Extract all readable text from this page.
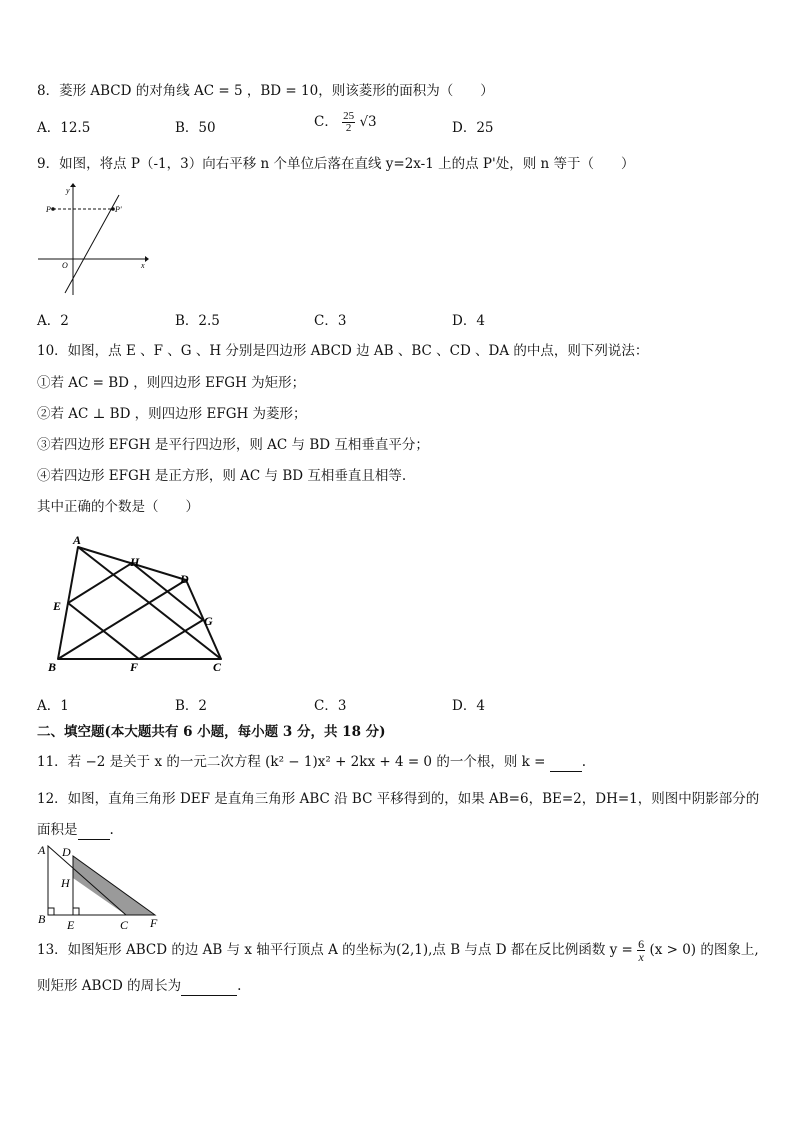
8．菱形 ABCD 的对角线 AC = 5 ，BD = 10，则该菱形的面积为（　　）
A．12.5	B．50	C． $\frac{25}{2} √3$	D．25
9．如图，将点 P（-1，3）向右平移 n 个单位后落在直线 y=2x-1 上的点 P'处，则 n 等于（　　）
y
x
O
P	P'
A．2	B．2.5	C．3	D．4
10．如图，点 E 、F 、G 、H 分别是四边形 ABCD 边 AB 、BC 、CD 、DA 的中点，则下列说法：
①若 AC = BD ，则四边形 EFGH 为矩形；
②若 AC ⊥ BD ，则四边形 EFGH 为菱形；
③若四边形 EFGH 是平行四边形，则 AC 与 BD 互相垂直平分；
④若四边形 EFGH 是正方形，则 AC 与 BD 互相垂直且相等.
其中正确的个数是（　　）
A
H
D
E
G
B	F	C
A．1	B．2	C．3	D．4
二、填空题(本大题共有 6 小题，每小题 3 分，共 18 分)
11．若 −2 是关于 x 的一元二次方程 (k² − 1)x² + 2kx + 4 = 0 的一个根，则 k =  .
12．如图，直角三角形 DEF 是直角三角形 ABC 沿 BC 平移得到的，如果 AB=6，BE=2，DH=1，则图中阴影部分的
面积是 .
A D
H
B E	C F
13．如图矩形 ABCD 的边 AB 与 x 轴平行顶点 A 的坐标为(2,1),点 B 与点 D 都在反比例函数 $y = \frac{6}{x} (x > 0)$ 的图象上,
则矩形 ABCD 的周长为	.
